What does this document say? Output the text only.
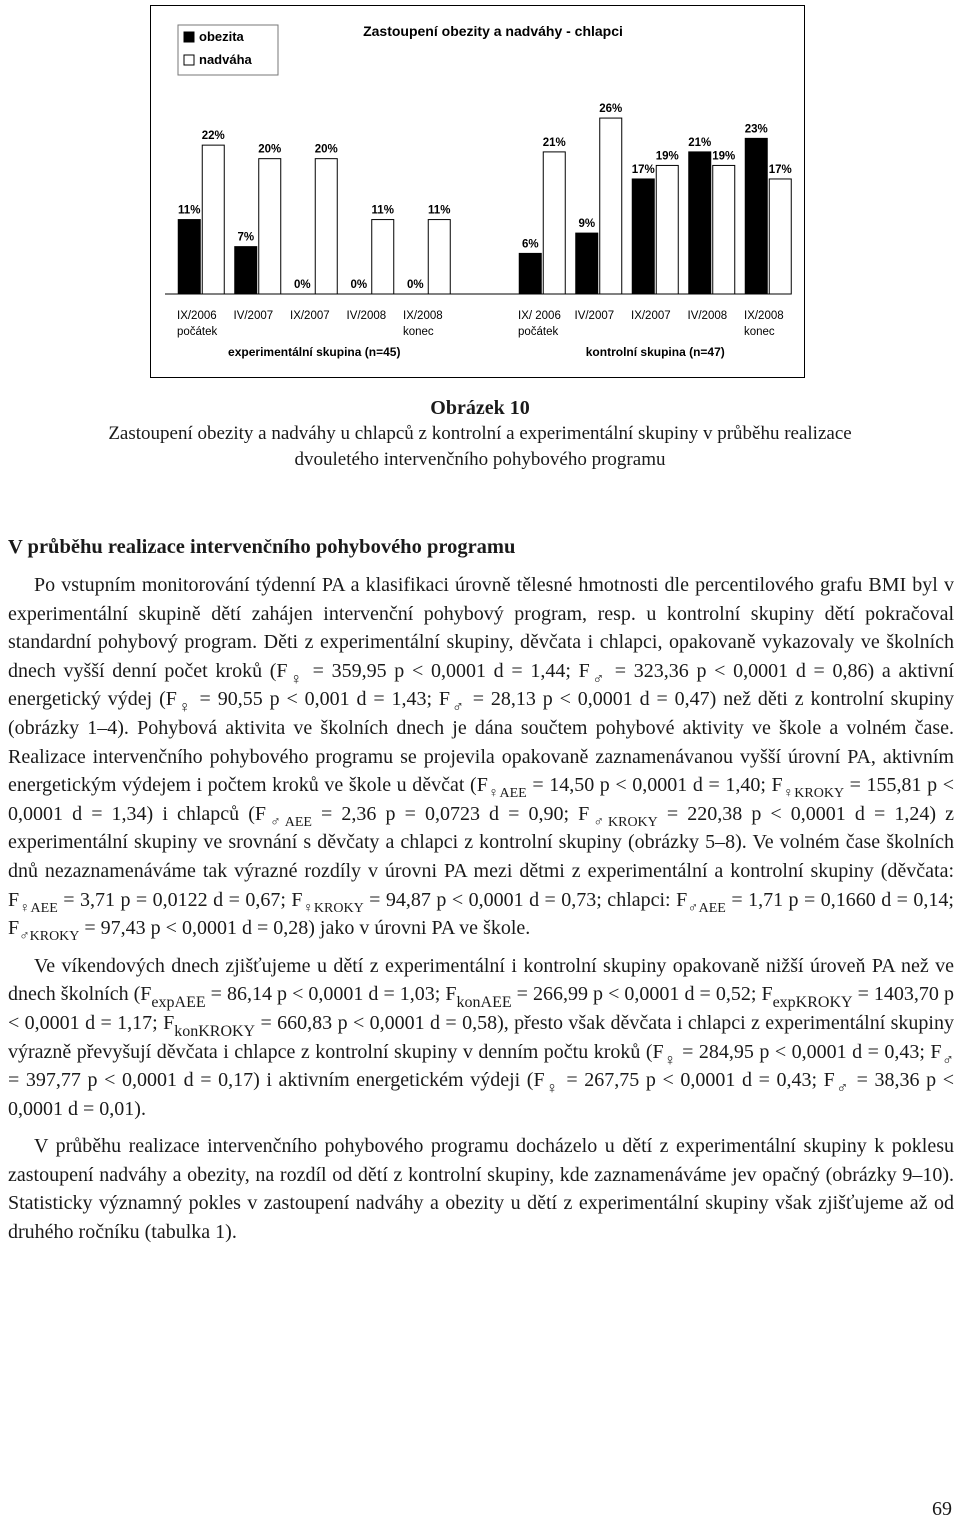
obezita
nadváha
Zastoupení obezity a nadváhy - chlapci
11%
22%
IX/2006
počátek
7%
20%
IV/2007
0%
20%
IX/2007
0%
11%
IV/2008
0%
11%
IX/2008
konec
experimentální skupina (n=45)
6%
21%
IX/ 2006
počátek
9%
26%
IV/2007
17%
19%
IX/2007
21%
19%
IV/2008
23%
17%
IX/2008
konec
kontrolní skupina (n=47)
Obrázek 10
Zastoupení obezity a nadváhy u chlapců z kontrolní a experimentální skupiny v průběhu realizace
dvouletého intervenčního pohybového programu
V průběhu realizace intervenčního pohybového programu

Po vstupním monitorování týdenní PA a klasifikaci úrovně tělesné hmotnosti dle percentilového grafu BMI byl v experimentální skupině dětí zahájen intervenční pohybový program, resp. u kontrolní skupiny dětí pokračoval standardní pohybový program. Děti z experimentální skupiny, děvčata i chlapci, opakovaně vykazovaly ve školních dnech vyšší denní počet kroků ($F_♀ = 359,95$ p < 0,0001 d = 1,44; $F_♂ = 323,36$ p < 0,0001 d = 0,86) a aktivní energetický výdej ($F_♀ = 90,55$ p < 0,001 d = 1,43; $F_♂ = 28,13$ p < 0,0001 d = 0,47) než děti z kontrolní skupiny (obrázky 1–4). Pohybová aktivita ve školních dnech je dána součtem pohybové aktivity ve škole a volném čase. Realizace intervenčního pohybového programu se projevila opakovaně zaznamenávanou vyšší úrovní PA, aktivním energetickým výdejem i počtem kroků ve škole u děvčat ($F_{♀AEE} = 14,50$ p < 0,0001 d = 1,40; $F_{♀KROKY} = 155,81$ p < 0,0001 d = 1,34) i chlapců ($F_{♂AEE} = 2,36$ p = 0,0723 d = 0,90; $F_{♂KROKY} = 220,38$ p < 0,0001 d = 1,24) z experimentální skupiny ve srovnání s děvčaty a chlapci z kontrolní skupiny (obrázky 5–8). Ve volném čase školních dnů nezaznamenáváme tak výrazné rozdíly v úrovni PA mezi dětmi z experimentální a kontrolní skupiny (děvčata: $F_{♀AEE} = 3,71$ p = 0,0122 d = 0,67; $F_{♀KROKY} = 94,87$ p < 0,0001 d = 0,73; chlapci: $F_{♂AEE} = 1,71$ p = 0,1660 d = 0,14; $F_{♂KROKY} = 97,43$ p < 0,0001 d = 0,28) jako v úrovni PA ve škole.

Ve víkendových dnech zjišťujeme u dětí z experimentální i kontrolní skupiny opakovaně nižší úroveň PA než ve dnech školních ($F_{expAEE} = 86,14$ p < 0,0001 d = 1,03; $F_{konAEE} = 266,99$ p < 0,0001 d = 0,52; $F_{expKROKY} = 1403,70$ p < 0,0001 d = 1,17; $F_{konKROKY} = 660,83$ p < 0,0001 d = 0,58), přesto však děvčata i chlapci z experimentální skupiny výrazně převyšují děvčata i chlapce z kontrolní skupiny v denním počtu kroků ($F_♀ = 284,95$ p < 0,0001 d = 0,43; $F_♂ = 397,77$ p < 0,0001 d = 0,17) i aktivním energetickém výdeji ($F_♀ = 267,75$ p < 0,0001 d = 0,43; $F_♂ = 38,36$ p < 0,0001 d = 0,01).

V průběhu realizace intervenčního pohybového programu docházelo u dětí z experimentální skupiny k poklesu zastoupení nadváhy a obezity, na rozdíl od dětí z kontrolní skupiny, kde zaznamenáváme jev opačný (obrázky 9–10). Statisticky významný pokles v zastoupení nadváhy a obezity u dětí z experimentální skupiny však zjišťujeme až od druhého ročníku (tabulka 1).

69
